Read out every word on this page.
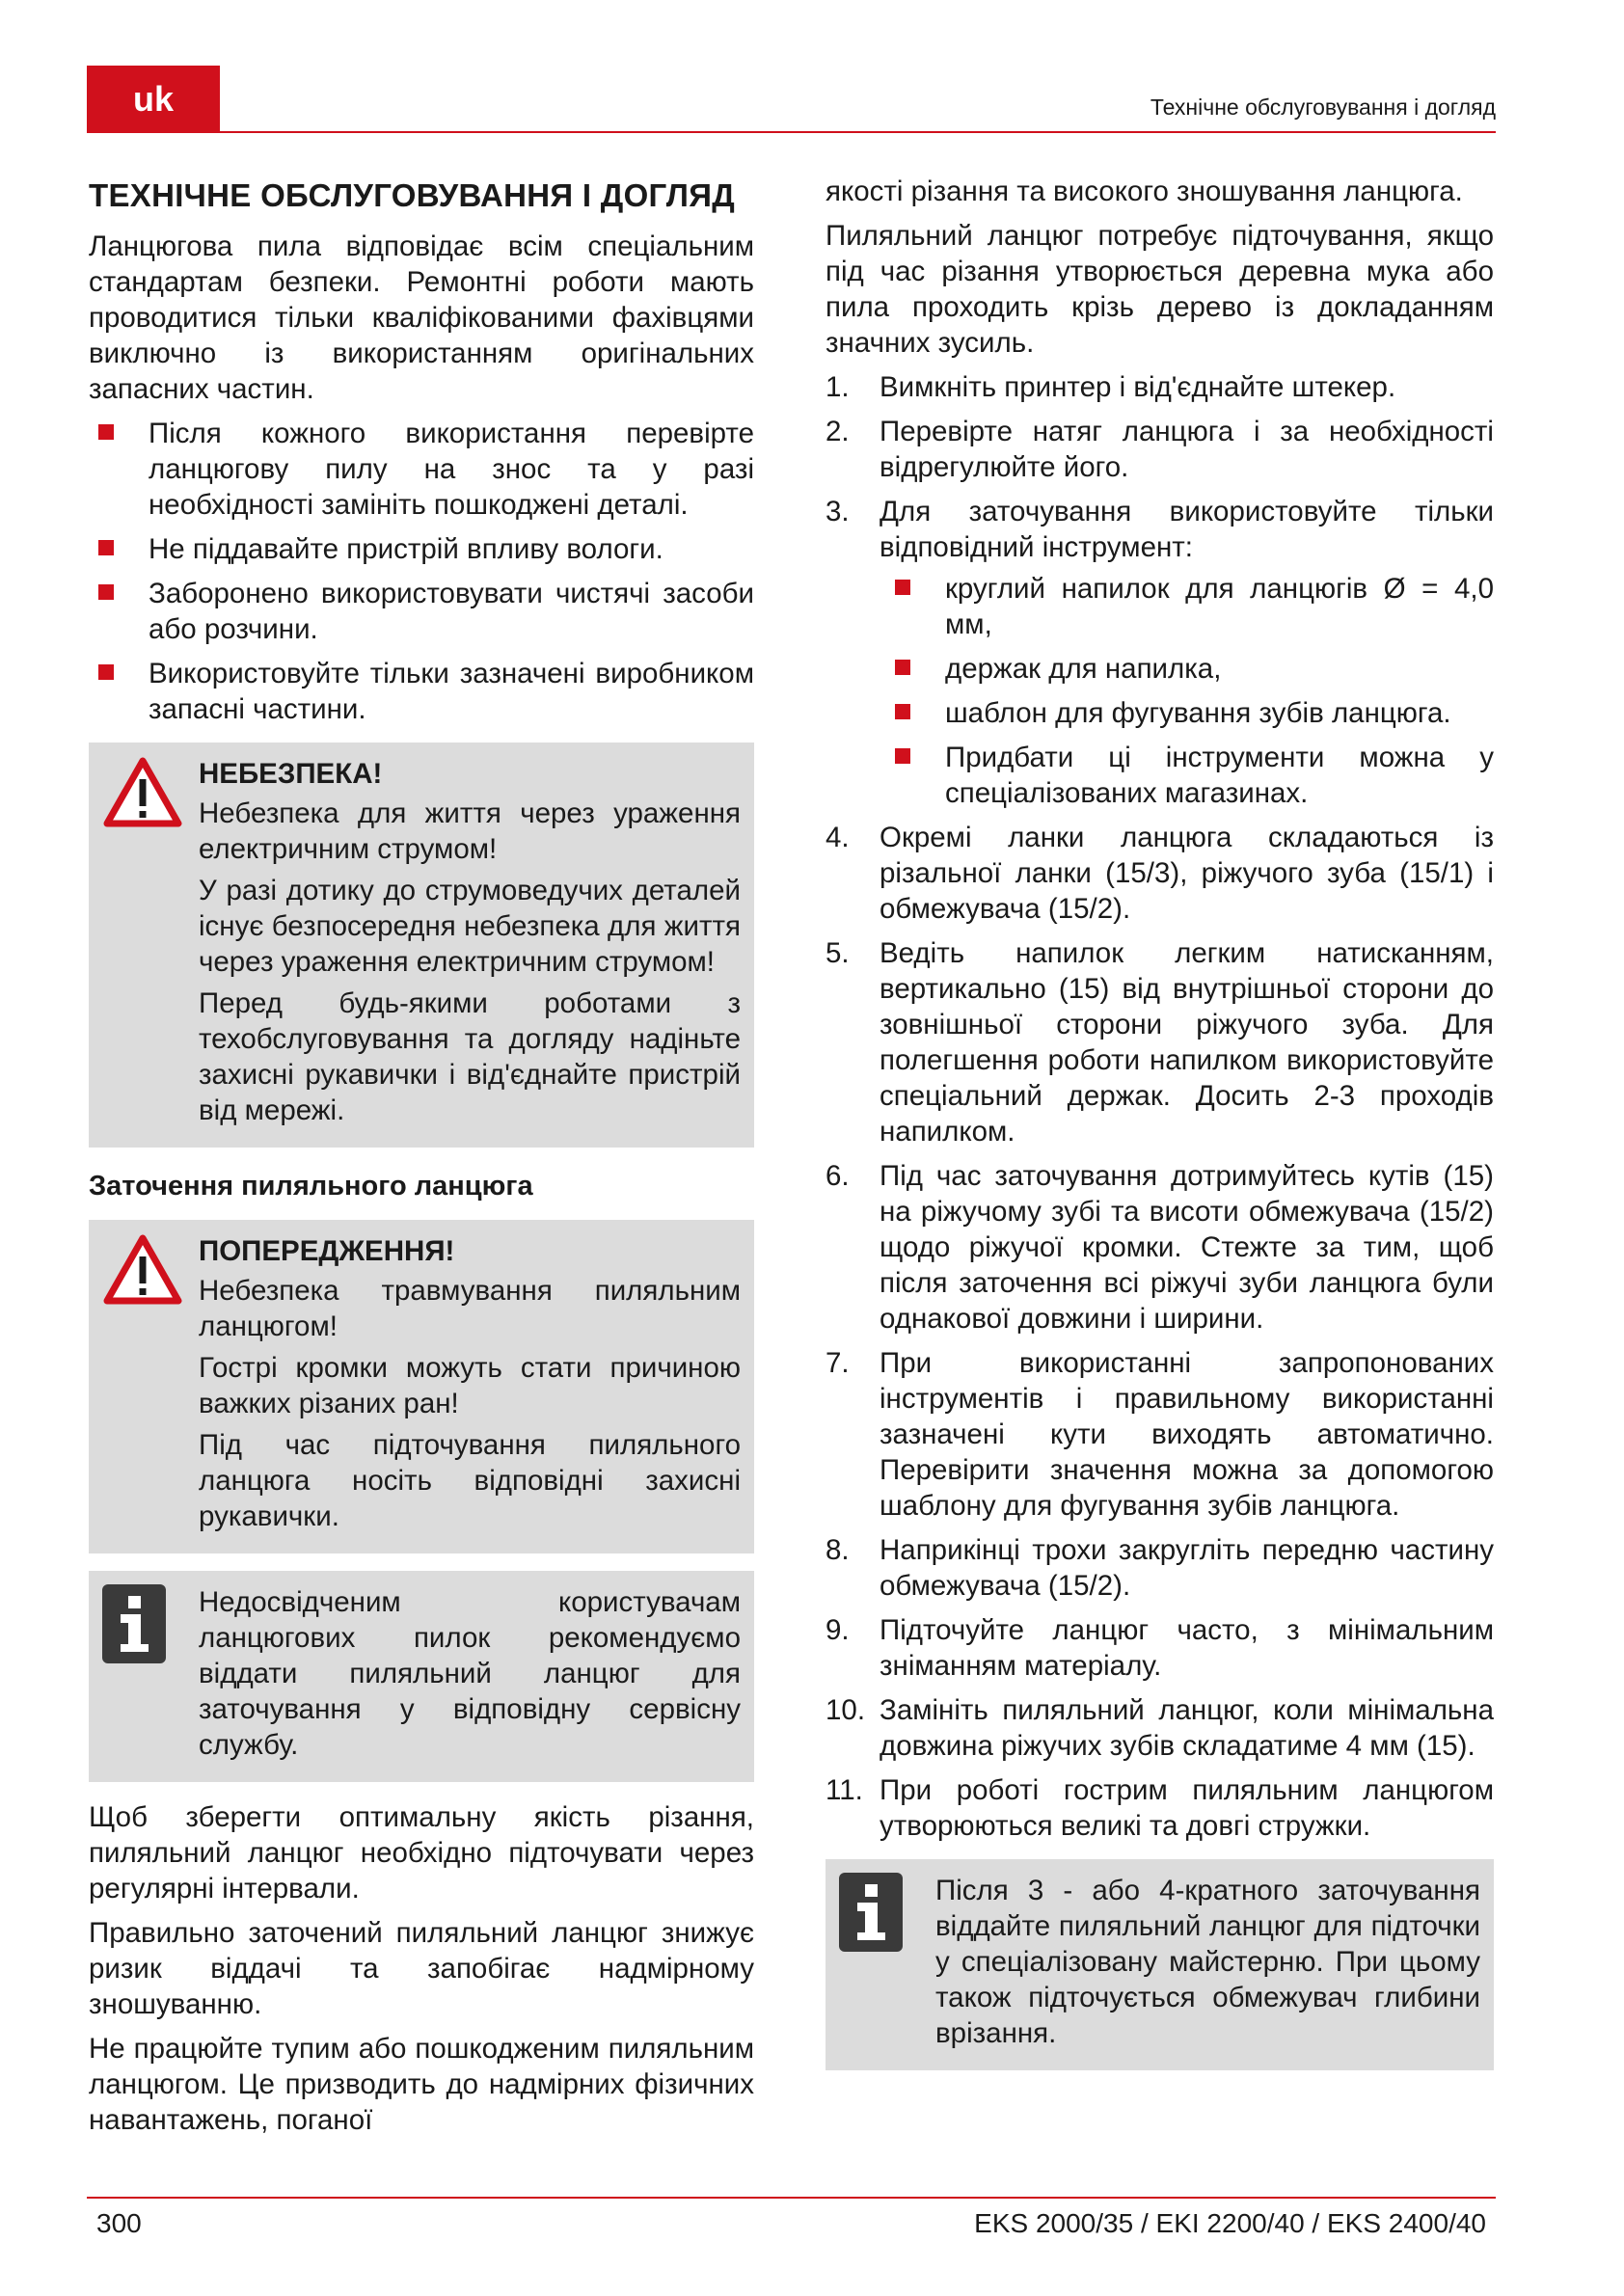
uk	Технічне обслуговування і догляд
ТЕХНІЧНЕ ОБСЛУГОВУВАННЯ І ДОГЛЯД

Ланцюгова пила відповідає всім спеціальним стандартам безпеки. Ремонтні роботи мають проводитися тільки кваліфікованими фахівцями виключно із використанням оригінальних запасних частин.

Після кожного використання перевірте ланцюгову пилу на знос та у разі необхідності замініть пошкоджені деталі.
Не піддавайте пристрій впливу вологи.
Заборонено використовувати чистячі засоби або розчини.
Використовуйте тільки зазначені виробником запасні частини.
НЕБЕЗПЕКА!

Небезпека для життя через ураження електричним струмом!

У разі дотику до струмоведучих деталей існує безпосередня небезпека для життя через ураження електричним струмом!

Перед будь-якими роботами з техобслуговування та догляду надіньте захисні рукавички і від'єднайте пристрій від мережі.

Заточення пиляльного ланцюга
ПОПЕРЕДЖЕННЯ!

Небезпека травмування пиляльним ланцюгом!

Гострі кромки можуть стати причиною важких різаних ран!

Під час підточування пиляльного ланцюга носіть відповідні захисні рукавички.

Недосвідченим користувачам ланцюгових пилок рекомендуємо віддати пиляльний ланцюг для заточування у відповідну сервісну службу.

Щоб зберегти оптимальну якість різання, пиляльний ланцюг необхідно підточувати через регулярні інтервали.

Правильно заточений пиляльний ланцюг знижує ризик віддачі та запобігає надмірному зношуванню.

Не працюйте тупим або пошкодженим пиляльним ланцюгом. Це призводить до надмірних фізичних навантажень, поганої

якості різання та високого зношування ланцюга.

Пиляльний ланцюг потребує підточування, якщо під час різання утворюється деревна мука або пила проходить крізь дерево із докладанням значних зусиль.

1. Вимкніть принтер і від'єднайте штекер.
2. Перевірте натяг ланцюга і за необхідності відрегулюйте його.
3. Для заточування використовуйте тільки відповідний інструмент:
круглий напилок для ланцюгів Ø = 4,0 мм,
держак для напилка,
шаблон для фугування зубів ланцюга.
Придбати ці інструменти можна у спеціалізованих магазинах.
4. Окремі ланки ланцюга складаються із різальної ланки (15/3), ріжучого зуба (15/1) і обмежувача (15/2).
5. Ведіть напилок легким натисканням, вертикально (15) від внутрішньої сторони до зовнішньої сторони ріжучого зуба. Для полегшення роботи напилком використовуйте спеціальний держак. Досить 2-3 проходів напилком.
6. Під час заточування дотримуйтесь кутів (15) на ріжучому зубі та висоти обмежувача (15/2) щодо ріжучої кромки. Стежте за тим, щоб після заточення всі ріжучі зуби ланцюга були однакової довжини і ширини.
7. При використанні запропонованих інструментів і правильному використанні зазначені кути виходять автоматично. Перевірити значення можна за допомогою шаблону для фугування зубів ланцюга.
8. Наприкінці трохи закругліть передню частину обмежувача (15/2).
9. Підточуйте ланцюг часто, з мінімальним зніманням матеріалу.
10. Замініть пиляльний ланцюг, коли мінімальна довжина ріжучих зубів складатиме 4 мм (15).
11. При роботі гострим пиляльним ланцюгом утворюються великі та довгі стружки.

Після 3 - або 4-кратного заточування віддайте пиляльний ланцюг для підточки у спеціалізовану майстерню. При цьому також підточується обмежувач глибини врізання.

300	EKS 2000/35 / EKI 2200/40 / EKS 2400/40
